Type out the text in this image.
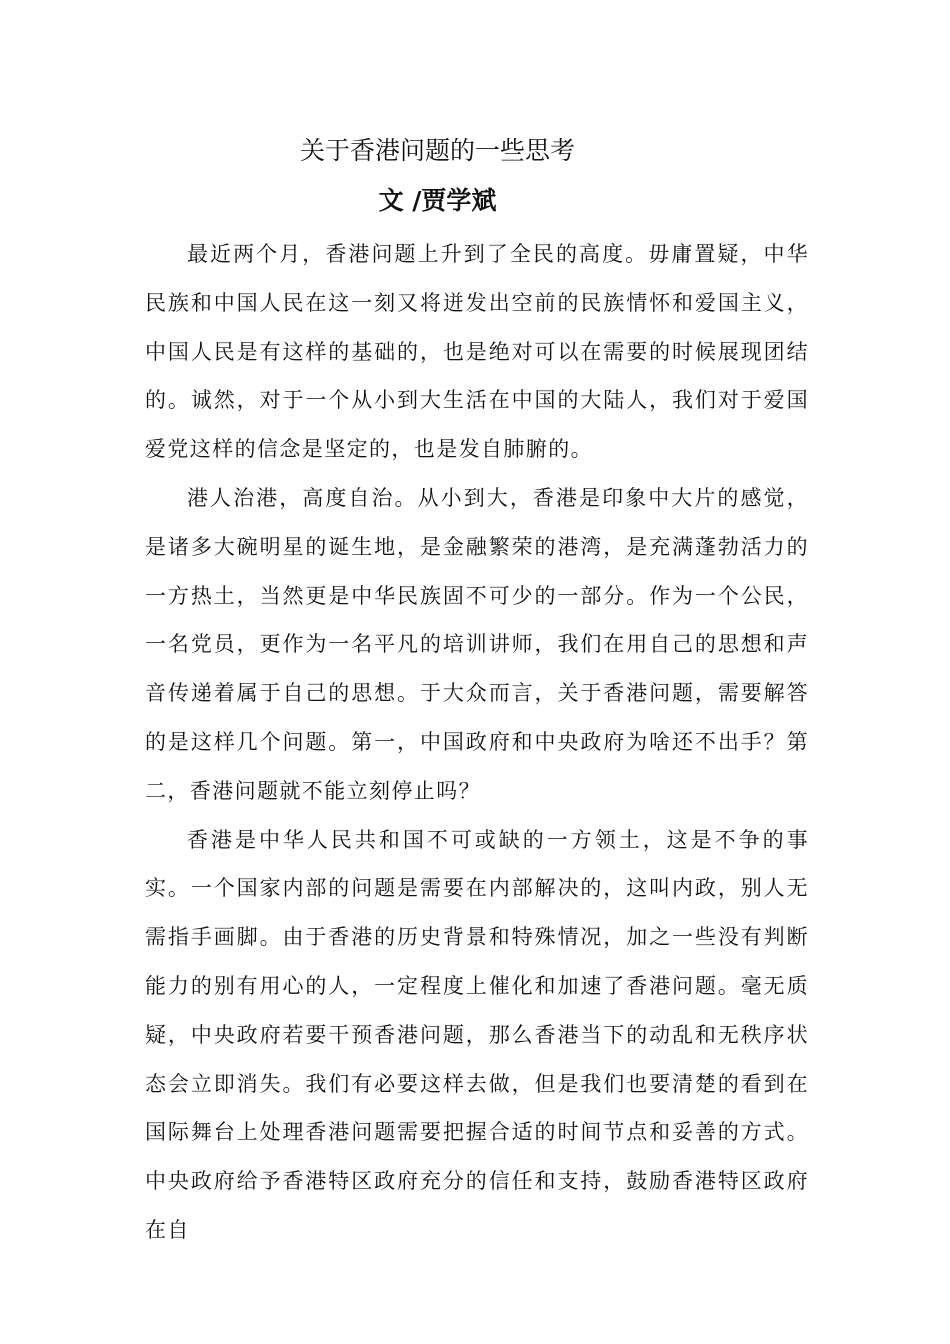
关于香港问题的一些思考
文 /贾学斌

最近两个月，香港问题上升到了全民的高度。毋庸置疑，中华民族和中国人民在这一刻又将迸发出空前的民族情怀和爱国主义，中国人民是有这样的基础的，也是绝对可以在需要的时候展现团结的。诚然，对于一个从小到大生活在中国的大陆人，我们对于爱国爱党这样的信念是坚定的，也是发自肺腑的。

港人治港，高度自治。从小到大，香港是印象中大片的感觉，是诸多大碗明星的诞生地，是金融繁荣的港湾，是充满蓬勃活力的一方热土，当然更是中华民族固不可少的一部分。作为一个公民，一名党员，更作为一名平凡的培训讲师，我们在用自己的思想和声音传递着属于自己的思想。于大众而言，关于香港问题，需要解答的是这样几个问题。第一，中国政府和中央政府为啥还不出手？第二，香港问题就不能立刻停止吗？

香港是中华人民共和国不可或缺的一方领土，这是不争的事实。一个国家内部的问题是需要在内部解决的，这叫内政，别人无需指手画脚。由于香港的历史背景和特殊情况，加之一些没有判断能力的别有用心的人，一定程度上催化和加速了香港问题。毫无质疑，中央政府若要干预香港问题，那么香港当下的动乱和无秩序状态会立即消失。我们有必要这样去做，但是我们也要清楚的看到在国际舞台上处理香港问题需要把握合适的时间节点和妥善的方式。中央政府给予香港特区政府充分的信任和支持，鼓励香港特区政府在自
